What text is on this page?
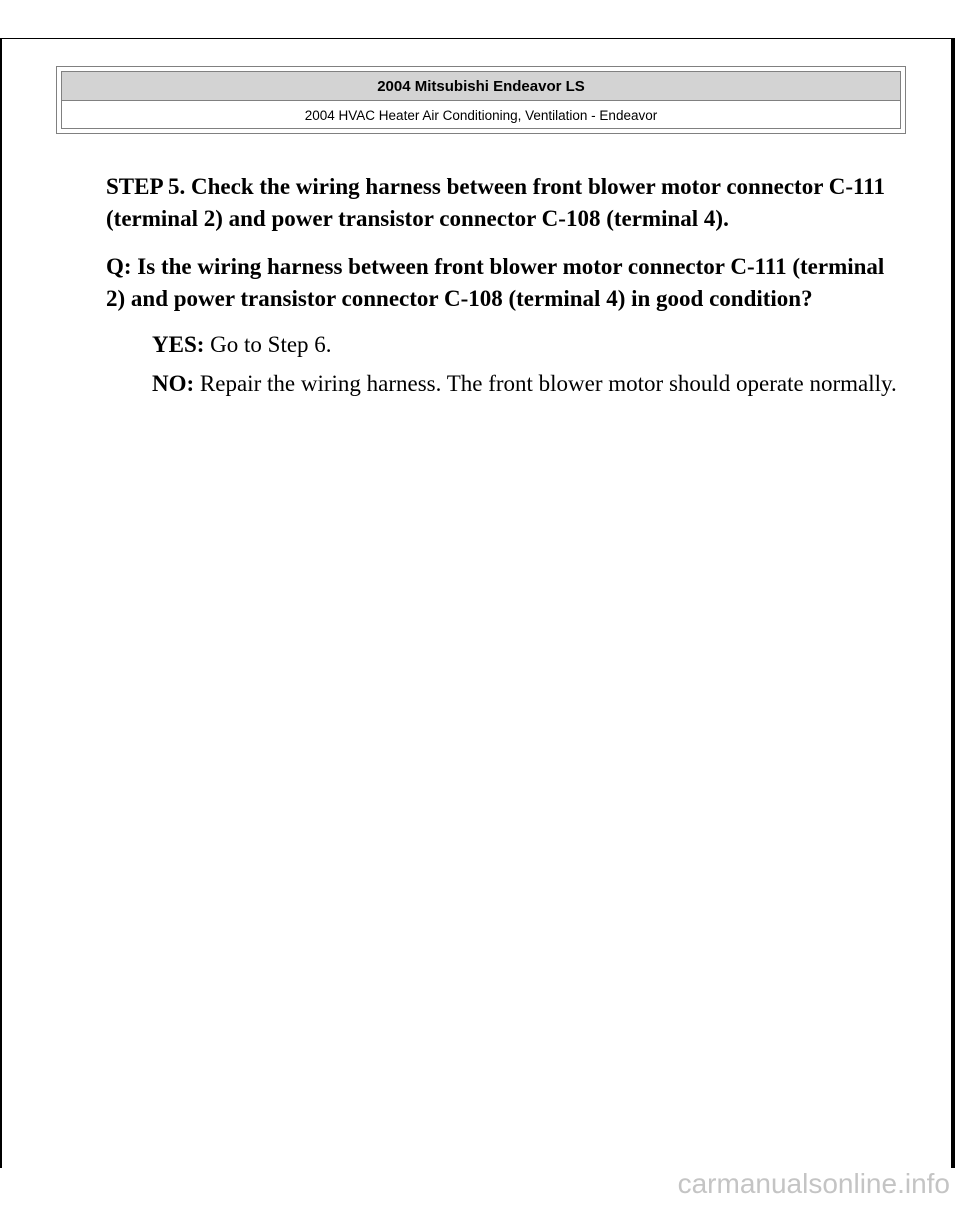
2004 Mitsubishi Endeavor LS
2004 HVAC Heater Air Conditioning, Ventilation - Endeavor

STEP 5. Check the wiring harness between front blower motor connector C-111 (terminal 2) and power transistor connector C-108 (terminal 4).

Q: Is the wiring harness between front blower motor connector C-111 (terminal 2) and power transistor connector C-108 (terminal 4) in good condition?

YES: Go to Step 6.

NO: Repair the wiring harness. The front blower motor should operate normally.

carmanualsonline.info
